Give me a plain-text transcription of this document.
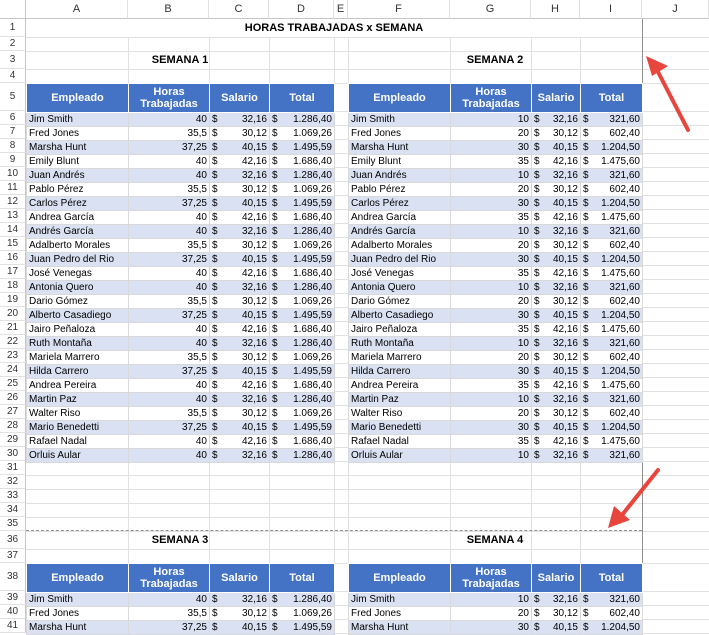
A	B	C	D	E	F	G	H	I	J
1
2
3
4
5
6
7
8
9
10
11
12
13
14
15
16
17
18
19
20
21
22
23
24
25
26
27
28
29
30
31
32
33
34
35
36
37
38
39
40
41
HORAS TRABAJADAS x SEMANA
SEMANA 1
Empleado	Horas Trabajadas	Salario	Total
Jim Smith	40	$ 32,16	$ 1.286,40

Fred Jones	35,5	$ 30,12	$ 1.069,26

Marsha Hunt	37,25	$ 40,15	$ 1.495,59

Emily Blunt	40	$ 42,16	$ 1.686,40

Juan Andrés	40	$ 32,16	$ 1.286,40

Pablo Pérez	35,5	$ 30,12	$ 1.069,26

Carlos Pérez	37,25	$ 40,15	$ 1.495,59

Andrea García	40	$ 42,16	$ 1.686,40

Andrés García	40	$ 32,16	$ 1.286,40

Adalberto Morales	35,5	$ 30,12	$ 1.069,26

Juan Pedro del Rio	37,25	$ 40,15	$ 1.495,59

José Venegas	40	$ 42,16	$ 1.686,40

Antonia Quero	40	$ 32,16	$ 1.286,40

Dario Gómez	35,5	$ 30,12	$ 1.069,26

Alberto Casadiego	37,25	$ 40,15	$ 1.495,59

Jairo Peñaloza	40	$ 42,16	$ 1.686,40

Ruth Montaña	40	$ 32,16	$ 1.286,40

Mariela Marrero	35,5	$ 30,12	$ 1.069,26

Hilda Carrero	37,25	$ 40,15	$ 1.495,59

Andrea Pereira	40	$ 42,16	$ 1.686,40

Martin Paz	40	$ 32,16	$ 1.286,40

Walter Riso	35,5	$ 30,12	$ 1.069,26

Mario Benedetti	37,25	$ 40,15	$ 1.495,59

Rafael Nadal	40	$ 42,16	$ 1.686,40

Orluis Aular	40	$ 32,16	$ 1.286,40
SEMANA 2
Empleado	Horas Trabajadas	Salario	Total
Jim Smith	10	$ 32,16	$ 321,60

Fred Jones	20	$ 30,12	$ 602,40

Marsha Hunt	30	$ 40,15	$ 1.204,50

Emily Blunt	35	$ 42,16	$ 1.475,60

Juan Andrés	10	$ 32,16	$ 321,60

Pablo Pérez	20	$ 30,12	$ 602,40

Carlos Pérez	30	$ 40,15	$ 1.204,50

Andrea García	35	$ 42,16	$ 1.475,60

Andrés García	10	$ 32,16	$ 321,60

Adalberto Morales	20	$ 30,12	$ 602,40

Juan Pedro del Rio	30	$ 40,15	$ 1.204,50

José Venegas	35	$ 42,16	$ 1.475,60

Antonia Quero	10	$ 32,16	$ 321,60

Dario Gómez	20	$ 30,12	$ 602,40

Alberto Casadiego	30	$ 40,15	$ 1.204,50

Jairo Peñaloza	35	$ 42,16	$ 1.475,60

Ruth Montaña	10	$ 32,16	$ 321,60

Mariela Marrero	20	$ 30,12	$ 602,40

Hilda Carrero	30	$ 40,15	$ 1.204,50

Andrea Pereira	35	$ 42,16	$ 1.475,60

Martin Paz	10	$ 32,16	$ 321,60

Walter Riso	20	$ 30,12	$ 602,40

Mario Benedetti	30	$ 40,15	$ 1.204,50

Rafael Nadal	35	$ 42,16	$ 1.475,60

Orluis Aular	10	$ 32,16	$ 321,60
SEMANA 3
Empleado	Horas Trabajadas	Salario	Total
Jim Smith	40	$ 32,16	$ 1.286,40

Fred Jones	35,5	$ 30,12	$ 1.069,26

Marsha Hunt	37,25	$ 40,15	$ 1.495,59
SEMANA 4
Empleado	Horas Trabajadas	Salario	Total
Jim Smith	10	$ 32,16	$ 321,60

Fred Jones	20	$ 30,12	$ 602,40

Marsha Hunt	30	$ 40,15	$ 1.204,50
